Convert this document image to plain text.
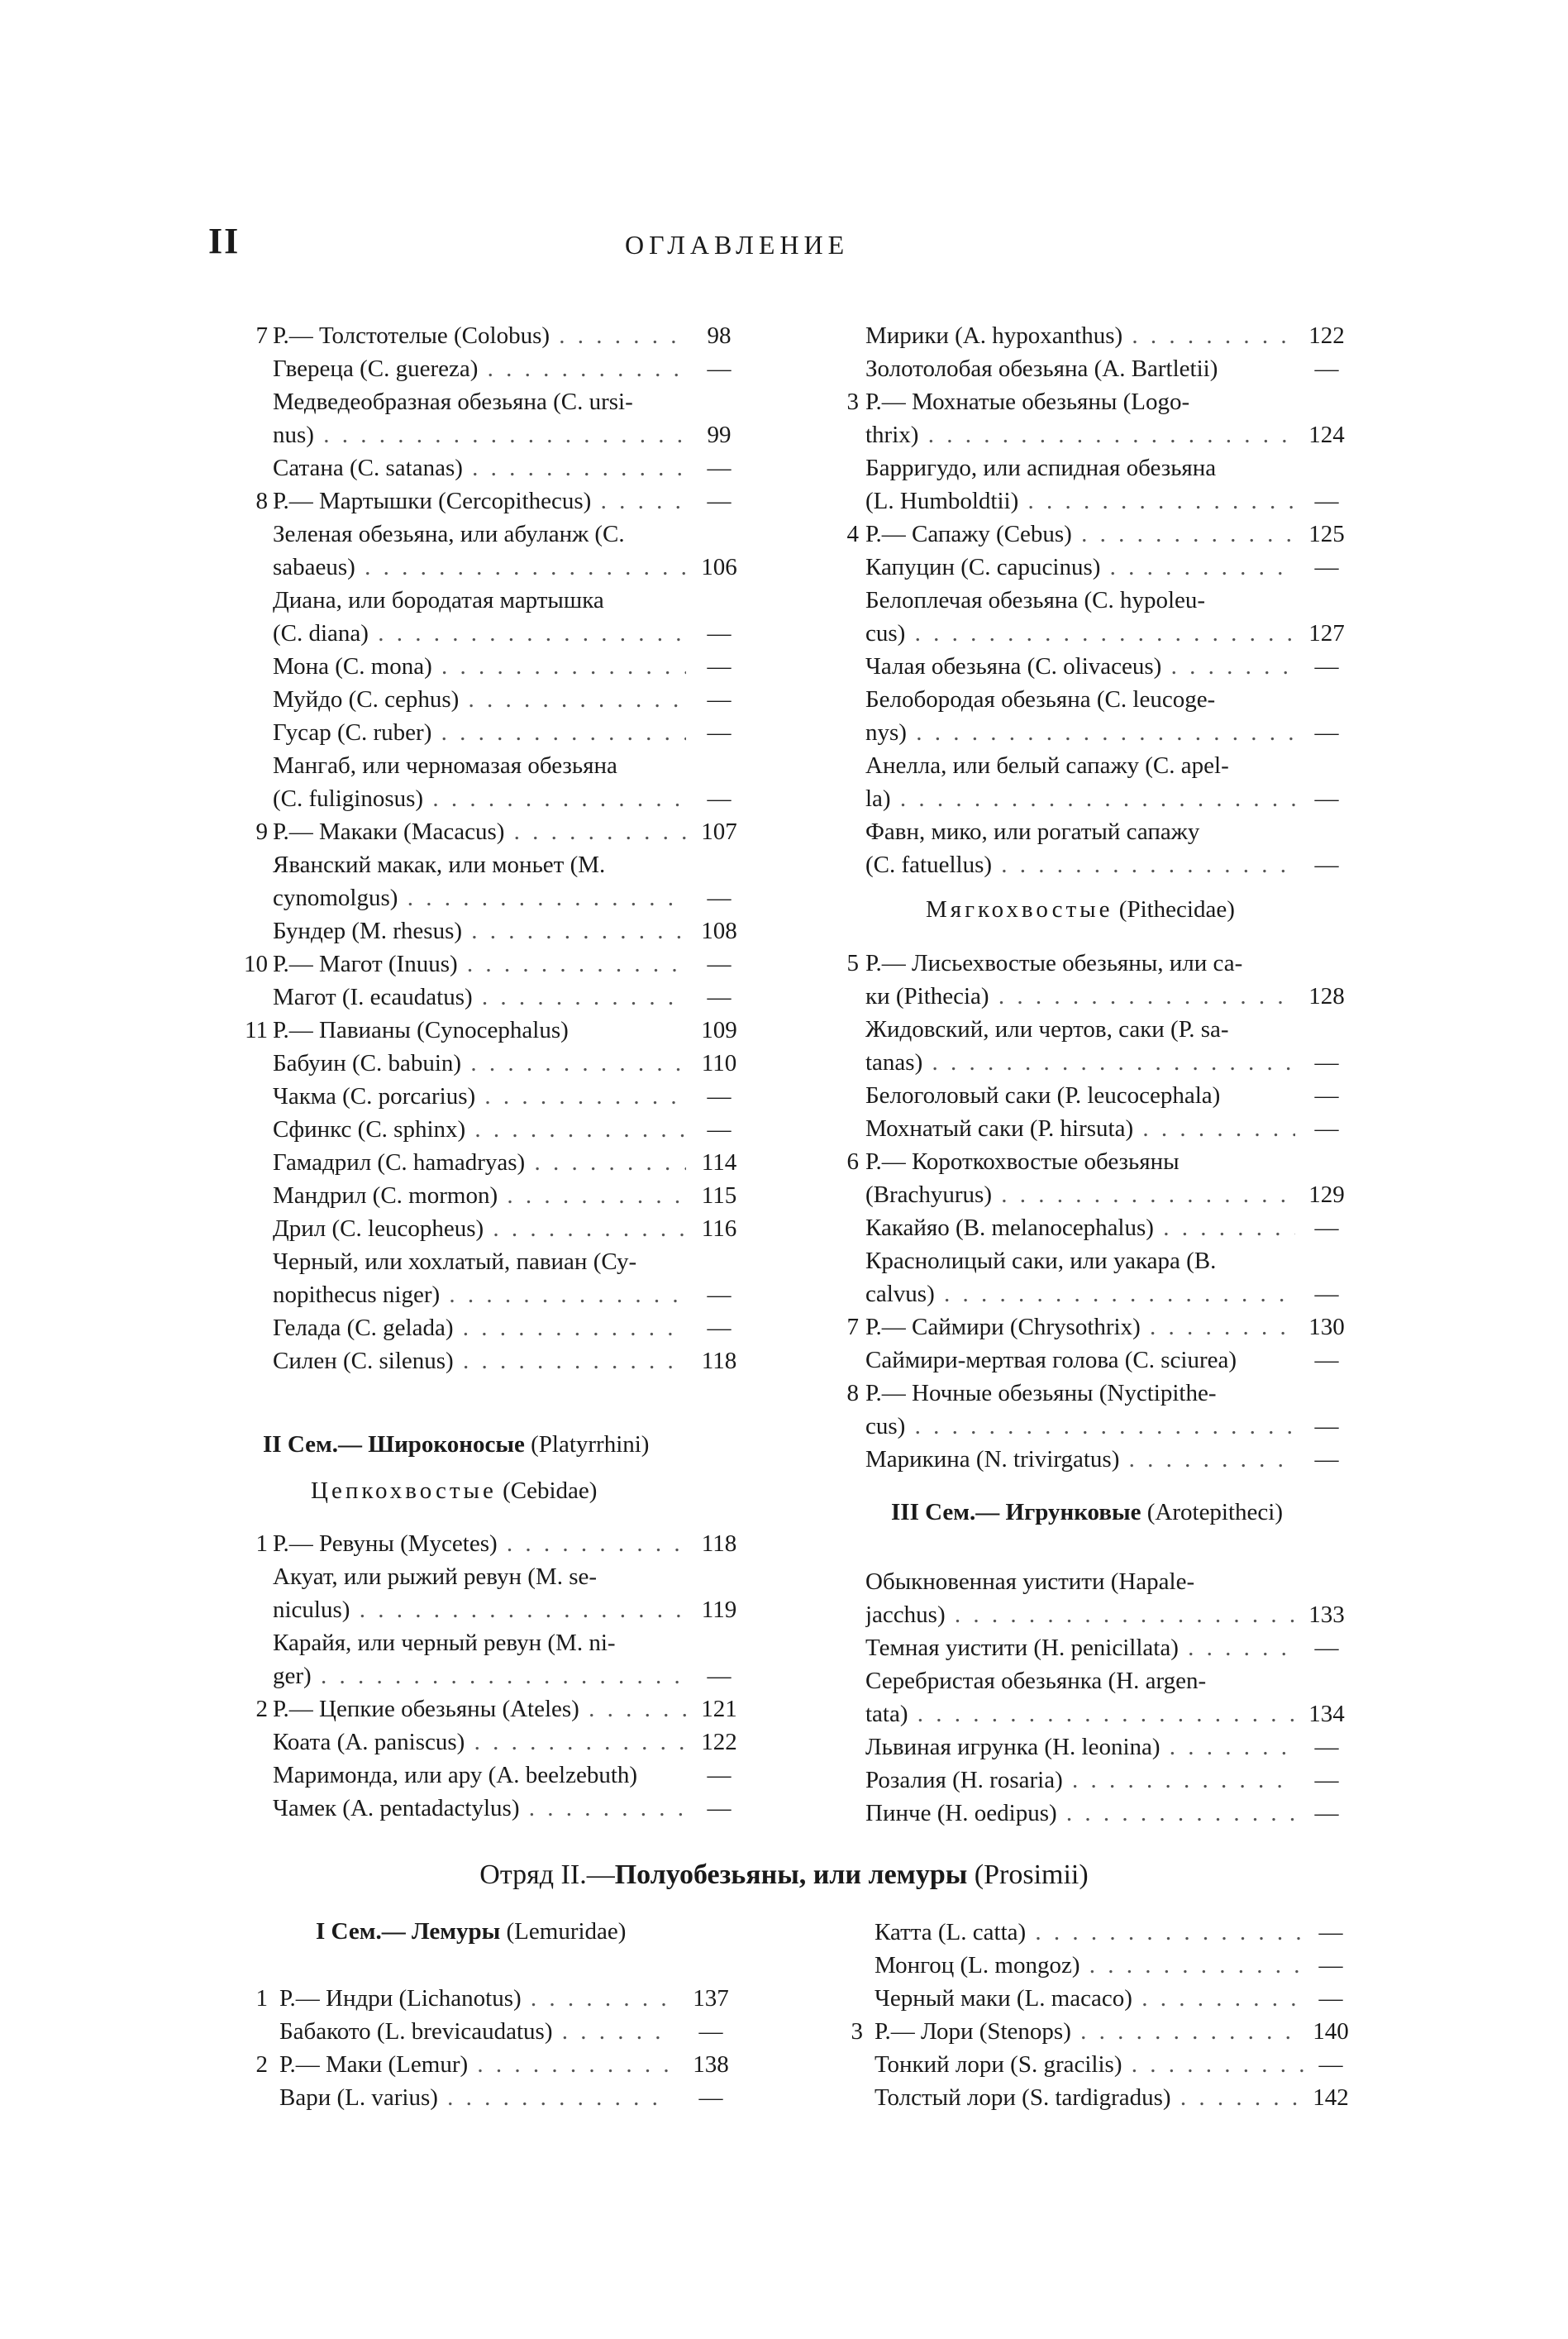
II	ОГЛАВЛЕНИЕ
7 Р.— Толстотелые (Colobus) . . .	98
Гвереца (С. guereza) . . .	—
Медведеобразная обезьяна (С. ursi-
nus) . . .	99
Сатана (С. satanas) . . .	—
8 Р.— Мартышки (Cercopithecus) . . .	—
Зеленая обезьяна, или абуланж (С.
sabaeus) . . .	106
Диана, или бородатая мартышка
(С. diana) . . .	—
Мона (С. mona) . . .	—
Муйдо (С. cephus) . . .	—
Гусар (С. ruber) . . .	—
Мангаб, или черномазая обезьяна
(С. fuliginosus) . . .	—
9 Р.— Макаки (Macacus) . . .	107
Яванский макак, или моньет (М.
cynomolgus) . . .	—
Бундер (М. rhesus) . . .	108
10 Р.— Магот (Inuus) . . .	—
Магот (I. ecaudatus) . . .	—
11 Р.— Павианы (Cynocephalus)	109
Бабуин (С. babuin) . . .	110
Чакма (С. porcarius) . . .	—
Сфинкс (С. sphinx) . . .	—
Гамадрил (С. hamadryas) . . .	114
Мандрил (С. mormon) . . .	115
Дрил (С. leucopheus) . . .	116
Черный, или хохлатый, павиан (Су-
nopithecus niger) . . .	—
Гелада (С. gelada) . . .	—
Силен (С. silenus) . . .	118
II Сем.— Широконосые (Platyrrhini)
Цепкохвостые (Cebidae)
1 Р.— Ревуны (Mycetes) . . .	118
Акуат, или рыжий ревун (М. se-
niculus) . . .	119
Карайя, или черный ревун (М. ni-
ger) . . .	—
2 Р.— Цепкие обезьяны (Ateles) . . .	121
Коата (А. paniscus) . . .	122
Маримонда, или ару (А. beelzebuth)	—
Чамек (А. pentadactylus) . . .	—
Мирики (А. hypoxanthus) . . .	122
Золотолобая обезьяна (А. Bartletii)	—
3 Р.— Мохнатые обезьяны (Logo-
thrix) . . .	124
Барригудо, или аспидная обезьяна
(L. Humboldtii) . . .	—
4 Р.— Сапажу (Cebus) . . .	125
Капуцин (С. capucinus) . . .	—
Белоплечая обезьяна (С. hypoleu-
cus) . . .	127
Чалая обезьяна (С. olivaceus) . . .	—
Белобородая обезьяна (С. leucoge-
nys) . . .	—
Анелла, или белый сапажу (С. apel-
la) . . .	—
Фавн, мико, или рогатый сапажу
(С. fatuellus) . . .	—
Мягкохвостые (Pithecidae)
5 Р.— Лисьехвостые обезьяны, или са-
ки (Pithecia) . . .	128
Жидовский, или чертов, саки (Р. sa-
tanas) . . .	—
Белоголовый саки (Р. leucocephala)	—
Мохнатый саки (Р. hirsuta) . . .	—
6 Р.— Короткохвостые обезьяны
(Brachyurus) . . .	129
Какайяо (В. melanocephalus) . . .	—
Краснолицый саки, или уакара (В.
calvus) . . .	—
7 Р.— Саймири (Chrysothrix) . . .	130
Саймири-мертвая голова (С. sciurea)	—
8 Р.— Ночные обезьяны (Nyctipithe-
cus) . . .	—
Марикина (N. trivirgatus) . . .	—
III Сем.— Игрунковые (Arotepitheci)
Обыкновенная уистити (Hapale-
jacchus) . . .	133
Темная уистити (Н. penicillata) . . .	—
Серебристая обезьянка (Н. argen-
tata) . . .	134
Львиная игрунка (Н. leonina) . . .	—
Розалия (Н. rosaria) . . .	—
Пинче (Н. oedipus) . . .	—
Отряд II.—Полуобезьяны, или лемуры (Prosimii)
I Сем.— Лемуры (Lemuridae)
1 Р.— Индри (Lichanotus) . . .	137
Бабакото (L. brevicaudatus) . . .	—
2 Р.— Маки (Lemur) . . .	138
Вари (L. varius) . . .	—
Катта (L. catta) . . .	—
Монгоц (L. mongoz) . . .	—
Черный маки (L. macaco) . . .	—
3 Р.— Лори (Stenops) . . .	140
Тонкий лори (S. gracilis) . . .	—
Толстый лори (S. tardigradus) . . .	142
